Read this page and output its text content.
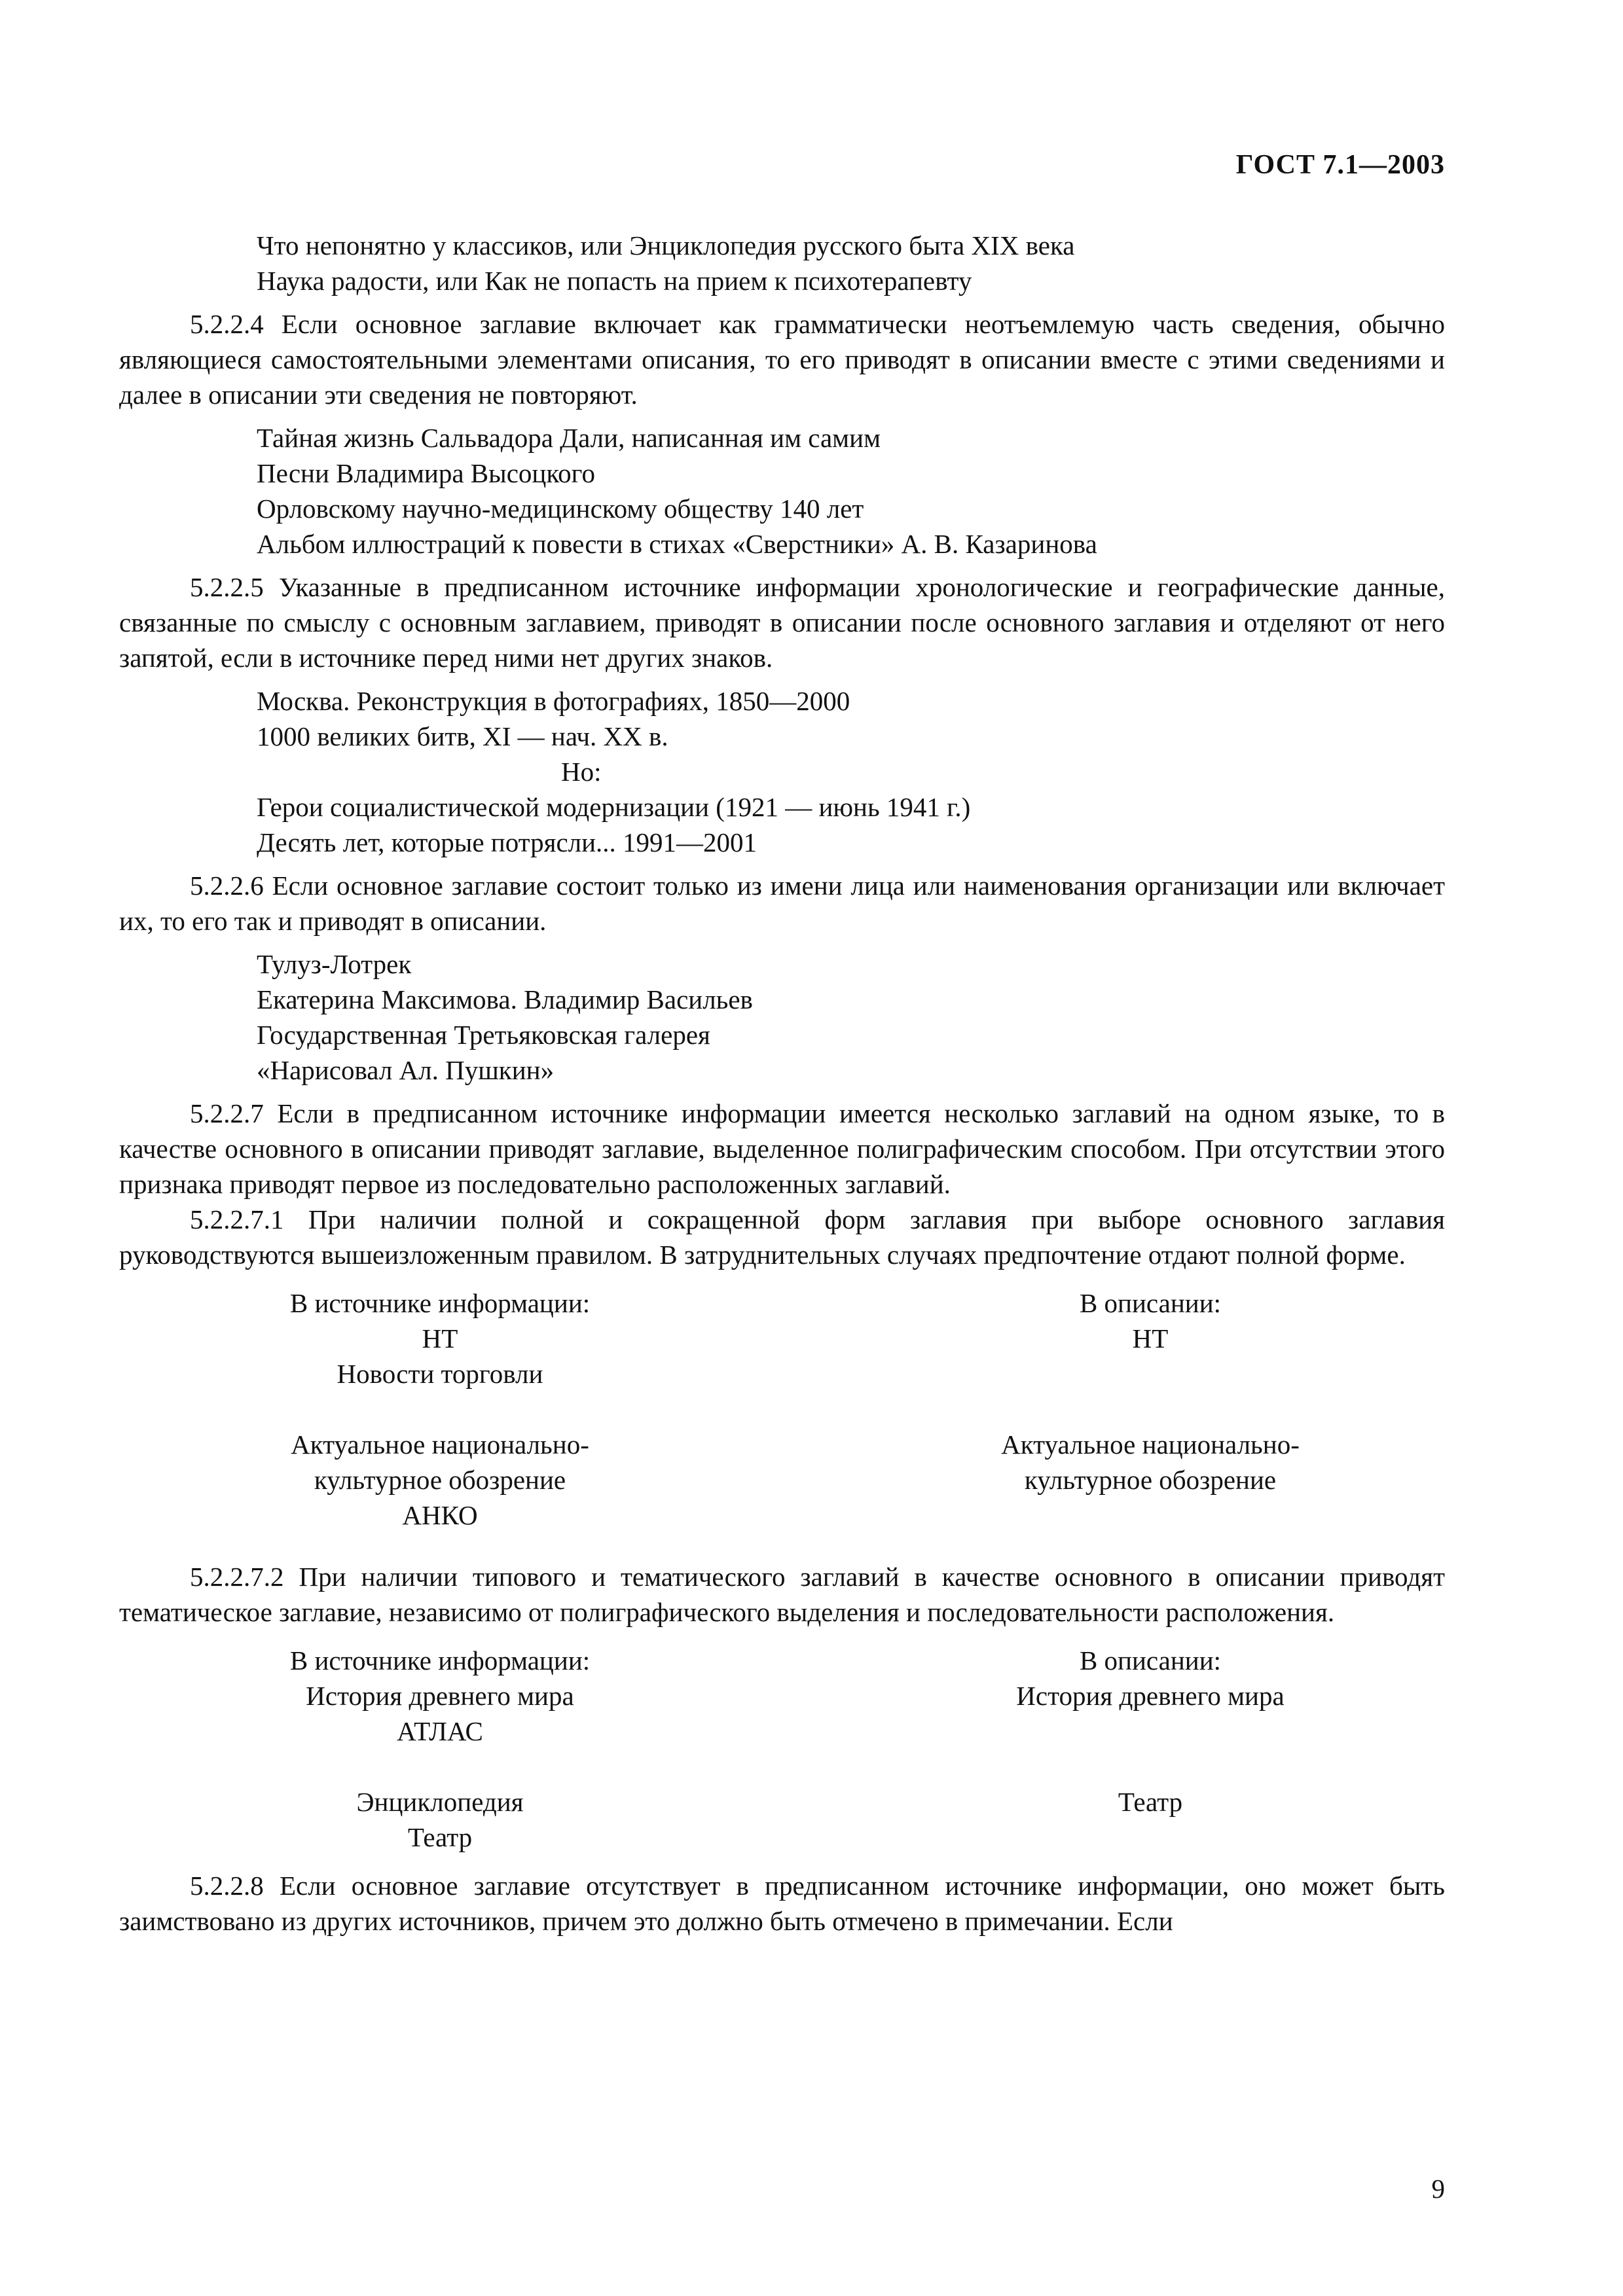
ГОСТ 7.1—2003
Что непонятно у классиков, или Энциклопедия русского быта XIX века
Наука радости, или Как не попасть на прием к психотерапевту

5.2.2.4 Если основное заглавие включает как грамматически неотъемлемую часть сведения, обычно являющиеся самостоятельными элементами описания, то его приводят в описании вместе с этими сведениями и далее в описании эти сведения не повторяют.

Тайная жизнь Сальвадора Дали, написанная им самим
Песни Владимира Высоцкого
Орловскому научно-медицинскому обществу 140 лет
Альбом иллюстраций к повести в стихах «Сверстники» А. В. Казаринова

5.2.2.5 Указанные в предписанном источнике информации хронологические и географические данные, связанные по смыслу с основным заглавием, приводят в описании после основного заглавия и отделяют от него запятой, если в источнике перед ними нет других знаков.

Москва. Реконструкция в фотографиях, 1850—2000
1000 великих битв, XI — нач. XX в.
Но:
Герои социалистической модернизации (1921 — июнь 1941 г.)
Десять лет, которые потрясли... 1991—2001

5.2.2.6 Если основное заглавие состоит только из имени лица или наименования организации или включает их, то его так и приводят в описании.

Тулуз-Лотрек
Екатерина Максимова. Владимир Васильев
Государственная Третьяковская галерея
«Нарисовал Ал. Пушкин»

5.2.2.7 Если в предписанном источнике информации имеется несколько заглавий на одном языке, то в качестве основного в описании приводят заглавие, выделенное полиграфическим способом. При отсутствии этого признака приводят первое из последовательно расположенных заглавий.

5.2.2.7.1 При наличии полной и сокращенной форм заглавия при выборе основного заглавия руководствуются вышеизложенным правилом. В затруднительных случаях предпочтение отдают полной форме.

В источнике информации:
НТ
Новости торговли
Актуальное национально-
культурное обозрение
АНКО
В описании:
НТ
Актуальное национально-
культурное обозрение

5.2.2.7.2 При наличии типового и тематического заглавий в качестве основного в описании приводят тематическое заглавие, независимо от полиграфического выделения и последовательности расположения.

В источнике информации:
История древнего мира
АТЛАС
Энциклопедия
Театр
В описании:
История древнего мира
Театр

5.2.2.8 Если основное заглавие отсутствует в предписанном источнике информации, оно может быть заимствовано из других источников, причем это должно быть отмечено в примечании. Если

9
